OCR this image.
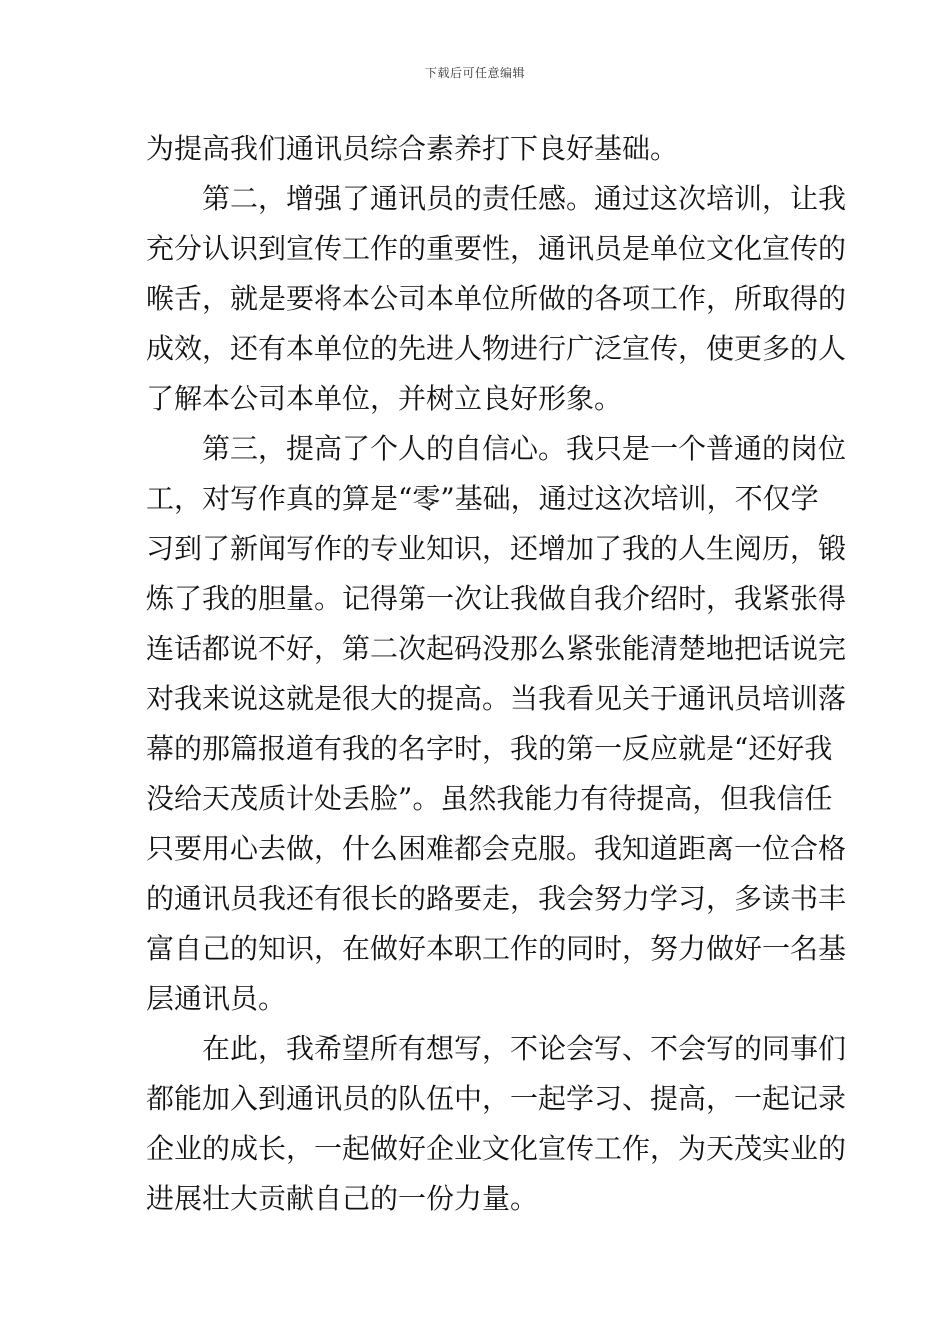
下载后可任意编辑
为提高我们通讯员综合素养打下良好基础。
第二，增强了通讯员的责任感。通过这次培训，让我
充分认识到宣传工作的重要性，通讯员是单位文化宣传的
喉舌，就是要将本公司本单位所做的各项工作，所取得的
成效，还有本单位的先进人物进行广泛宣传，使更多的人
了解本公司本单位，并树立良好形象。
第三，提高了个人的自信心。我只是一个普通的岗位
工，对写作真的算是“零”基础，通过这次培训，不仅学
习到了新闻写作的专业知识，还增加了我的人生阅历，锻
炼了我的胆量。记得第一次让我做自我介绍时，我紧张得
连话都说不好，第二次起码没那么紧张能清楚地把话说完
对我来说这就是很大的提高。当我看见关于通讯员培训落
幕的那篇报道有我的名字时，我的第一反应就是“还好我
没给天茂质计处丢脸”。虽然我能力有待提高，但我信任
只要用心去做，什么困难都会克服。我知道距离一位合格
的通讯员我还有很长的路要走，我会努力学习，多读书丰
富自己的知识，在做好本职工作的同时，努力做好一名基
层通讯员。
在此，我希望所有想写，不论会写、不会写的同事们
都能加入到通讯员的队伍中，一起学习、提高，一起记录
企业的成长，一起做好企业文化宣传工作，为天茂实业的
进展壮大贡献自己的一份力量。
